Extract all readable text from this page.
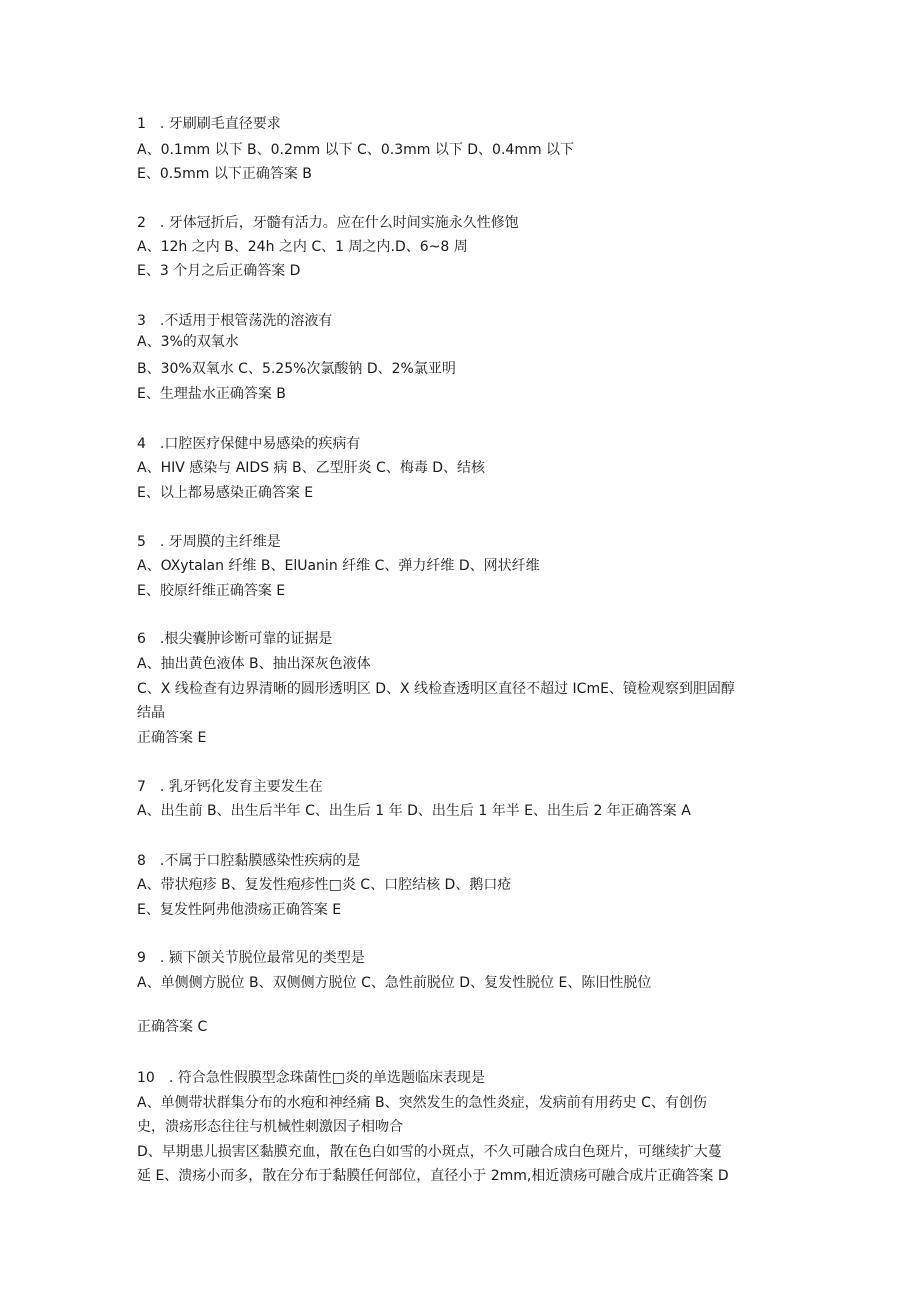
1　. 牙刷刷毛直径要求
A、0.1mm 以下 B、0.2mm 以下 C、0.3mm 以下 D、0.4mm 以下
E、0.5mm 以下正确答案 B
2　. 牙体冠折后，牙髓有活力。应在什么时间实施永久性修饱
A、12h 之内 B、24h 之内 C、1 周之内.D、6~8 周
E、3 个月之后正确答案 D
3　.不适用于根管荡洗的溶液有
A、3%的双氧水
B、30%双氧水 C、5.25%次氯酸钠 D、2%氯亚明
E、生理盐水正确答案 B
4　.口腔医疗保健中易感染的疾病有
A、HIV 感染与 AIDS 病 B、乙型肝炎 C、梅毒 D、结核
E、以上都易感染正确答案 E
5　. 牙周膜的主纤维是
A、OXytalan 纤维 B、ElUanin 纤维 C、弹力纤维 D、网状纤维
E、胶原纤维正确答案 E
6　.根尖囊肿诊断可靠的证据是
A、抽出黄色液体 B、抽出深灰色液体
C、X 线检查有边界清晰的圆形透明区 D、X 线检查透明区直径不超过 ICmE、镜检观察到胆固醇
结晶
正确答案 E
7　. 乳牙钙化发育主要发生在
A、出生前 B、出生后半年 C、出生后 1 年 D、出生后 1 年半 E、出生后 2 年正确答案 A
8　.不属于口腔黏膜感染性疾病的是
A、带状疱疹 B、复发性疱疹性□炎 C、口腔结核 D、鹅口疮
E、复发性阿弗他溃疡正确答案 E
9　. 颍下颌关节脱位最常见的类型是
A、单侧侧方脱位 B、双侧侧方脱位 C、急性前脱位 D、复发性脱位 E、陈旧性脱位
正确答案 C
10　. 符合急性假膜型念珠菌性□炎的单选题临床表现是
A、单侧带状群集分布的水疱和神经痛 B、突然发生的急性炎症，发病前有用药史 C、有创伤
史，溃疡形态往往与机械性刺激因子相吻合
D、早期患儿损害区黏膜充血，散在色白如雪的小斑点，不久可融合成白色斑片，可继续扩大蔓
延 E、溃疡小而多，散在分布于黏膜任何部位，直径小于 2mm,相近溃疡可融合成片正确答案 D
